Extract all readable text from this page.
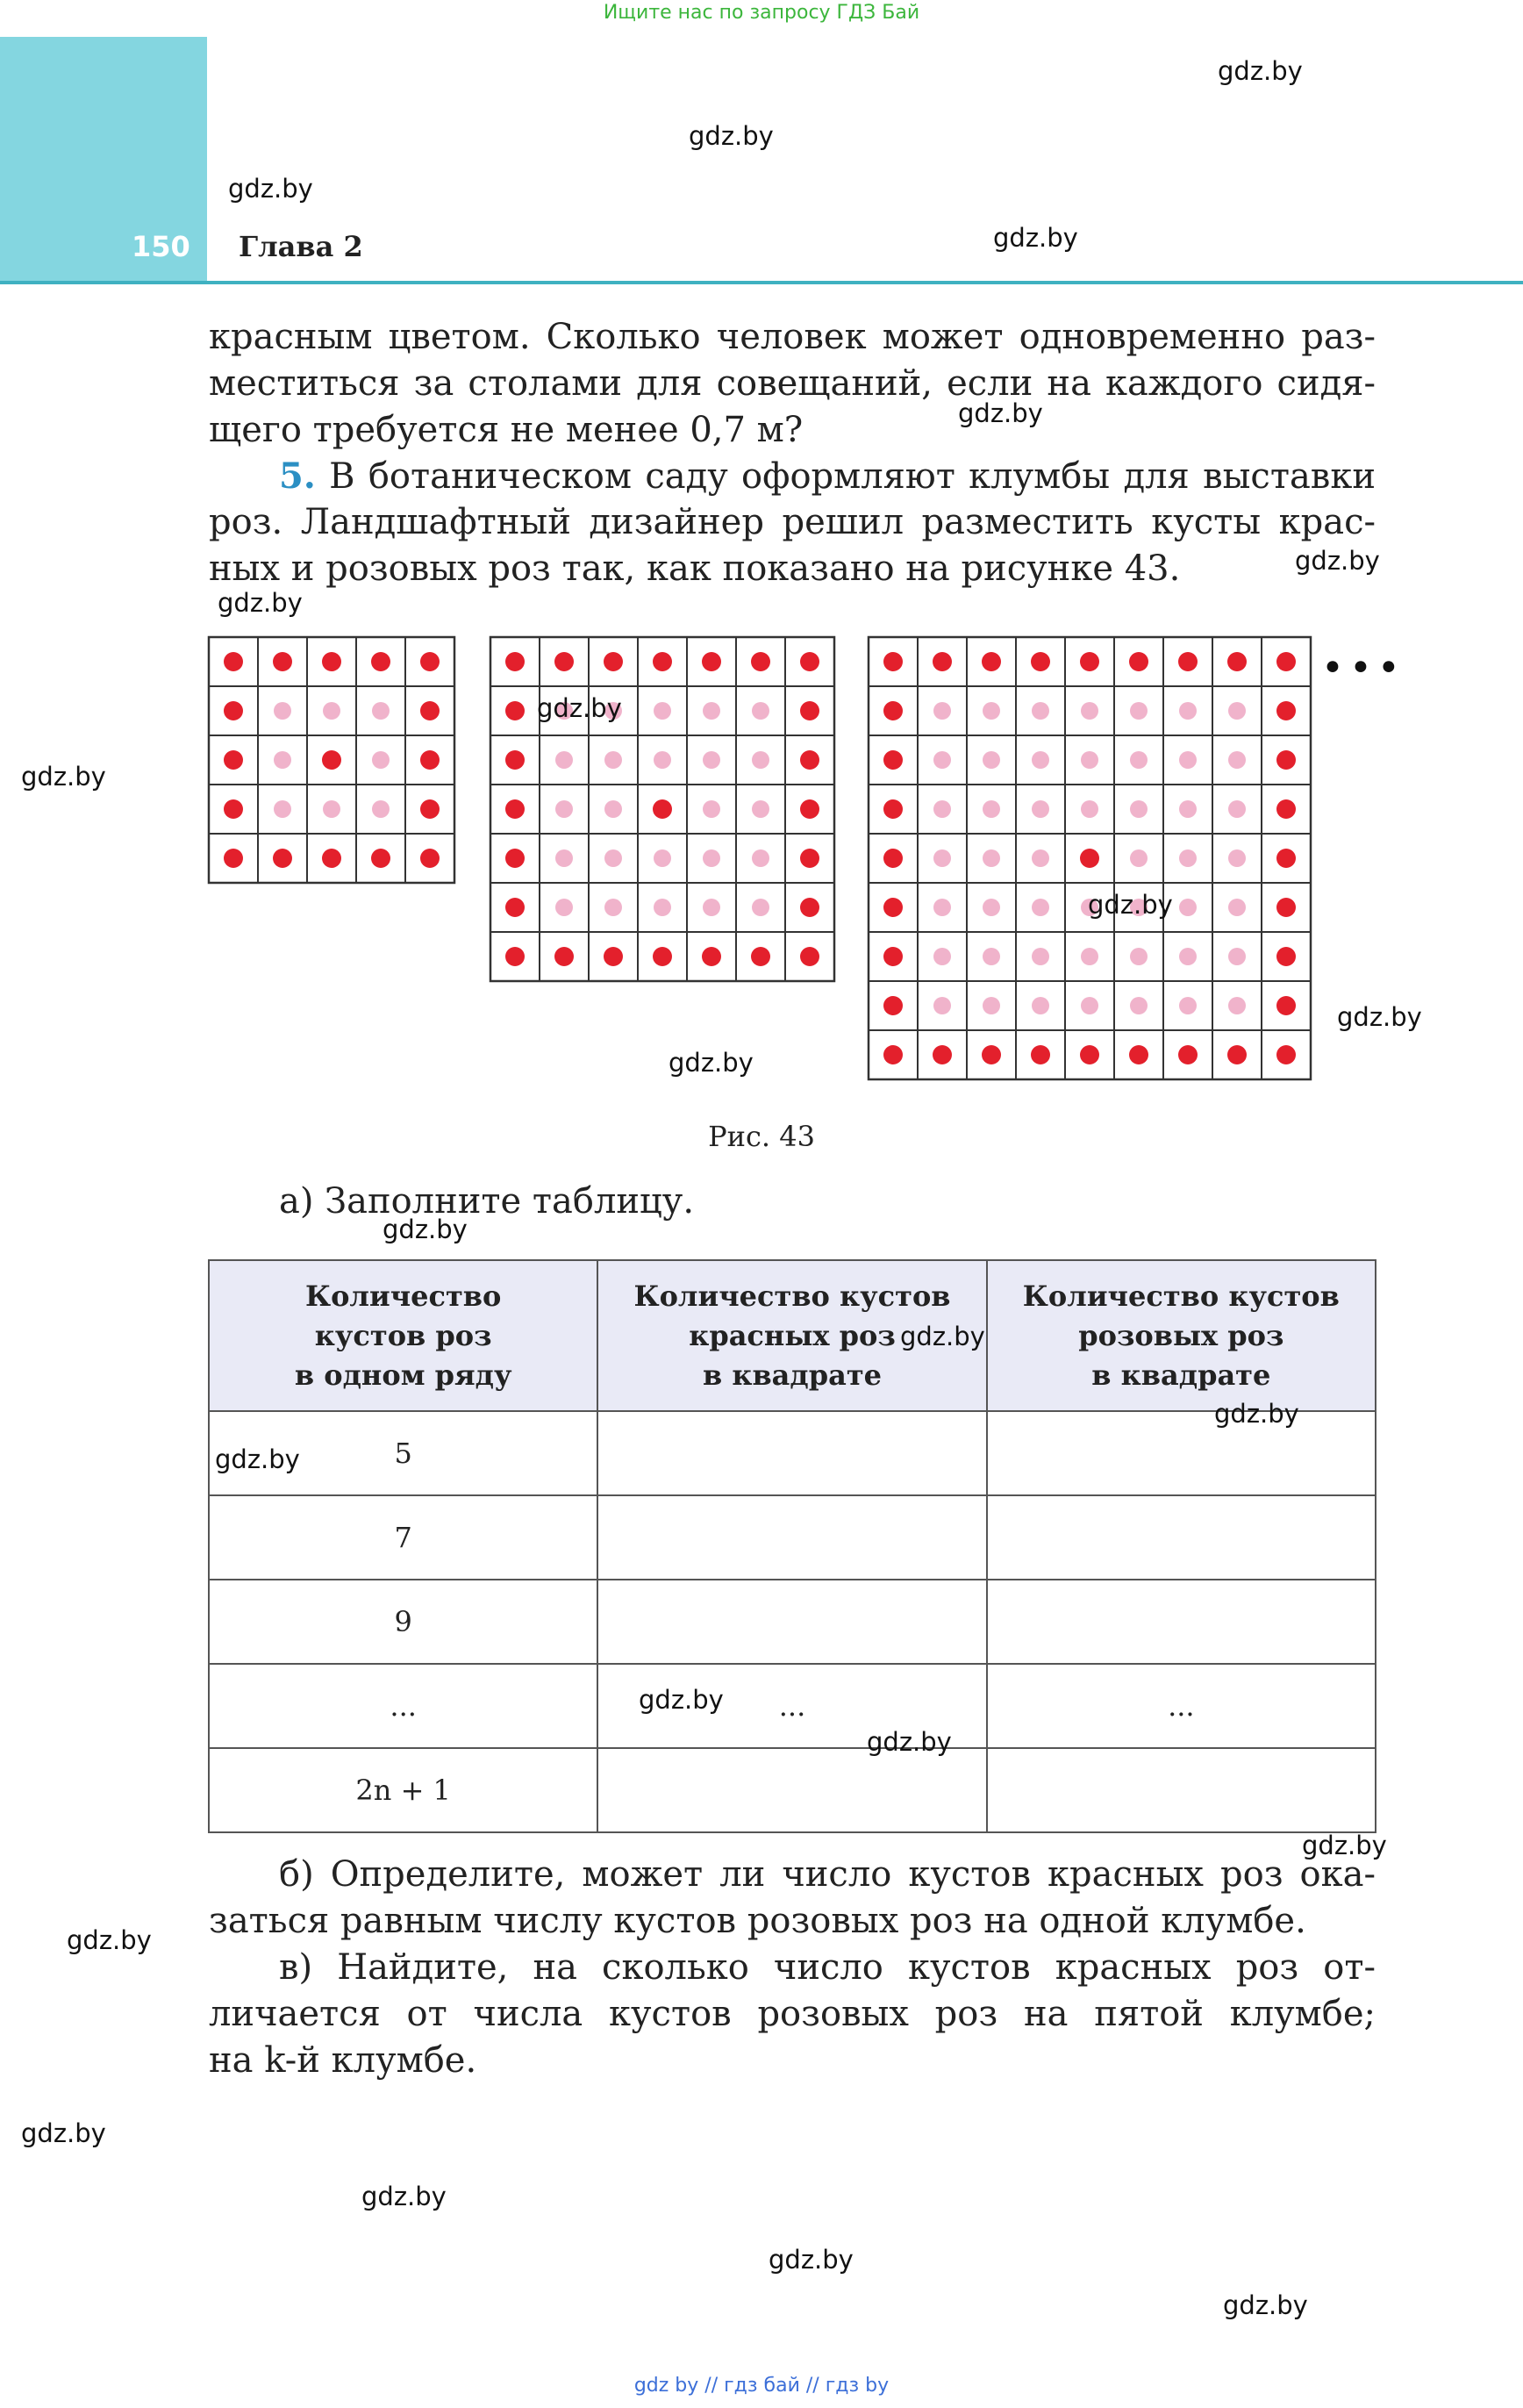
Ищите нас по запросу ГДЗ Бай
150 Глава 2

красным цветом. Сколько человек может одновременно раз-

меститься за столами для совещаний, если на каждого сидя-

щего требуется не менее 0,7 м?

5. В ботаническом саду оформляют клумбы для выставки

роз. Ландшафтный дизайнер решил разместить кусты крас-

ных и розовых роз так, как показано на рисунке 43.

•••
Рис. 43
а) Заполните таблицу.
Количество
кустов роз
в одном ряду	Количество кустов
красных роз
в квадрате	Количество кустов
розовых роз
в квадрате
5		
7		
9		
...	...	...
2n + 1		

б) Определите, может ли число кустов красных роз ока-

заться равным числу кустов розовых роз на одной клумбе.

в) Найдите, на сколько число кустов красных роз от-

личается от числа кустов розовых роз на пятой клумбе;

на k-й клумбе.

gdz.by
gdz.by
gdz.by
gdz.by
gdz.by
gdz.by
gdz.by
gdz.by
gdz.by
gdz.by
gdz.by
gdz.by
gdz.by
gdz.by
gdz.by
gdz.by
gdz.by
gdz.by
gdz.by
gdz.by
gdz.by
gdz.by
gdz.by
gdz.by
gdz by // гдз бай // гдз by
